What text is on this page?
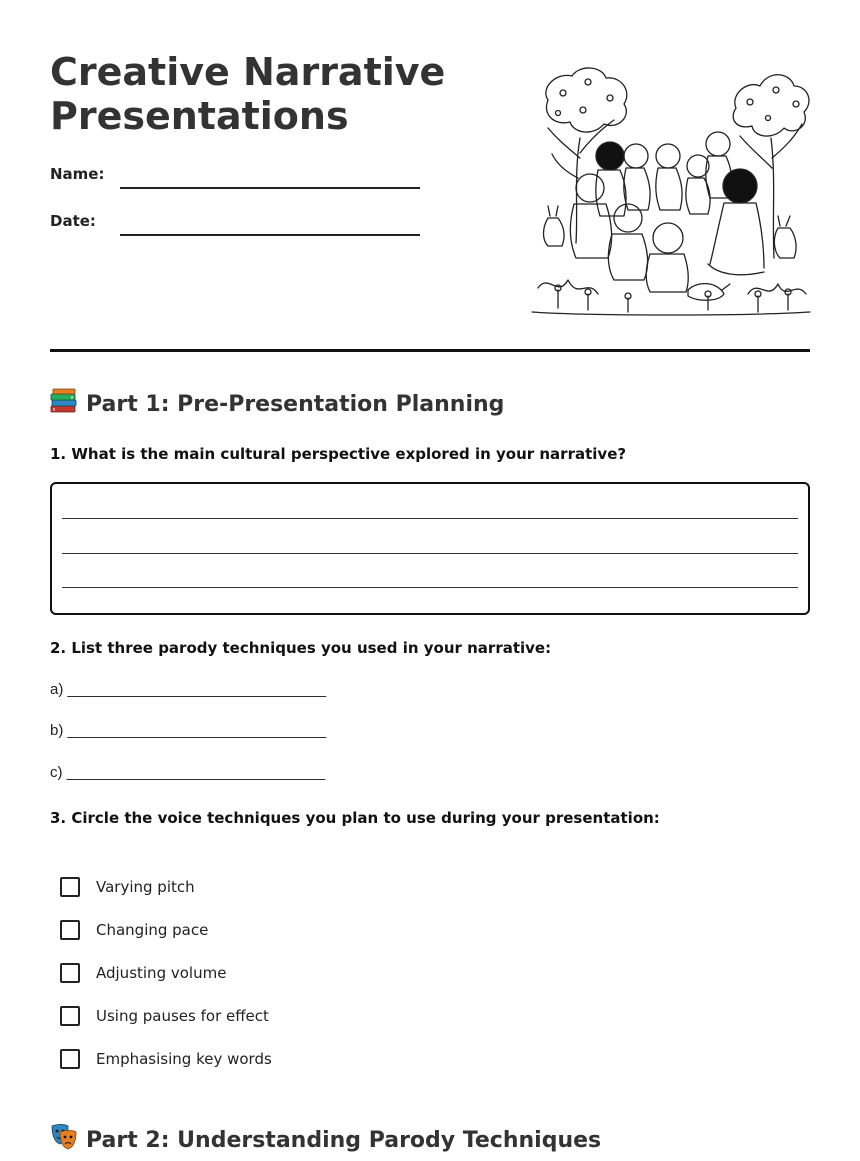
Creative Narrative Presentations
Name:
Date:
Part 1: Pre-Presentation Planning
1. What is the main cultural perspective explored in your narrative?
2. List three parody techniques you used in your narrative:
a) _______________________________
b) _______________________________
c) _______________________________
3. Circle the voice techniques you plan to use during your presentation:
Varying pitch
Changing pace
Adjusting volume
Using pauses for effect
Emphasising key words
Part 2: Understanding Parody Techniques
